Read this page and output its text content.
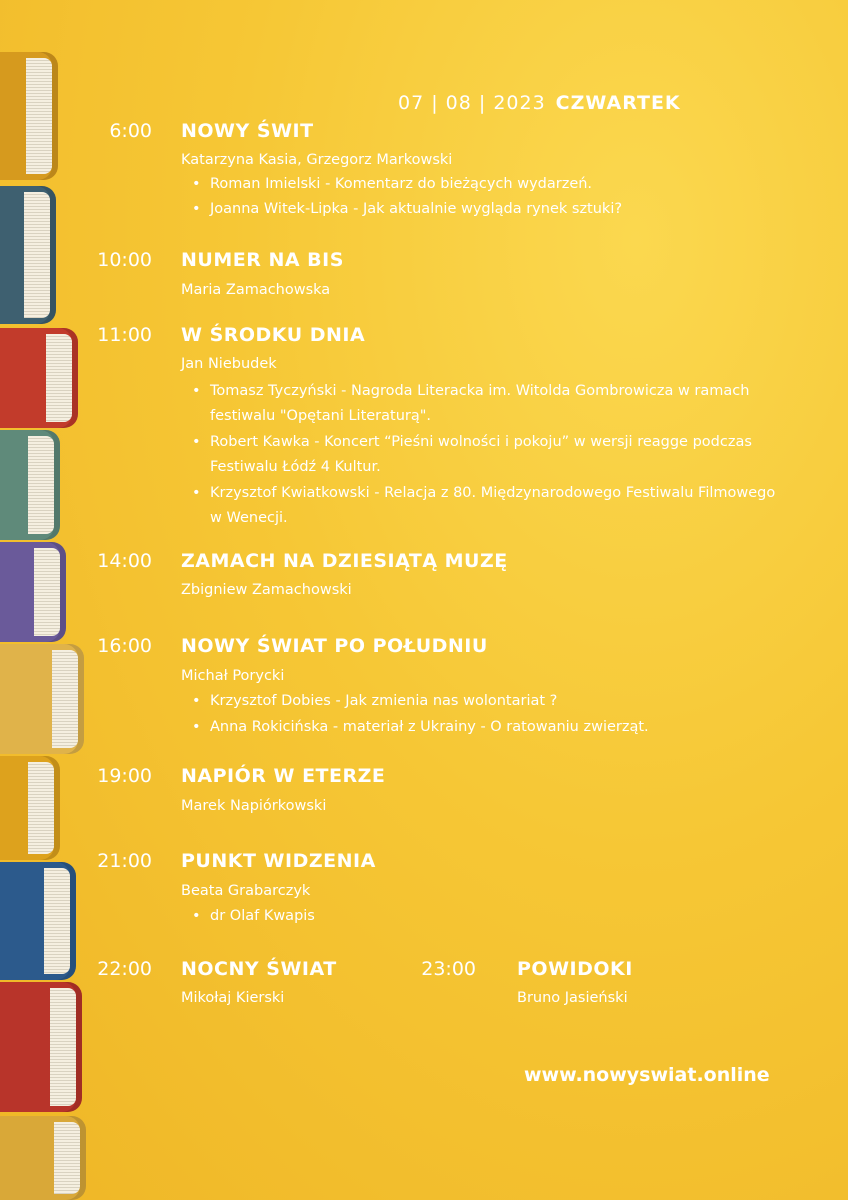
07 | 08 | 2023 CZWARTEK
6:00 NOWY ŚWIT
Katarzyna Kasia, Grzegorz Markowski
• Roman Imielski - Komentarz do bieżących wydarzeń.
• Joanna Witek-Lipka - Jak aktualnie wygląda rynek sztuki?
10:00 NUMER NA BIS
Maria Zamachowska
11:00 W ŚRODKU DNIA
Jan Niebudek
• Tomasz Tyczyński - Nagroda Literacka im. Witolda Gombrowicza w ramach festiwalu "Opętani Literaturą".
• Robert Kawka - Koncert “Pieśni wolności i pokoju” w wersji reagge podczas Festiwalu Łódź 4 Kultur.
• Krzysztof Kwiatkowski - Relacja z 80. Międzynarodowego Festiwalu Filmowego w Wenecji.
14:00 ZAMACH NA DZIESIĄTĄ MUZĘ
Zbigniew Zamachowski
16:00 NOWY ŚWIAT PO POŁUDNIU
Michał Porycki
• Krzysztof Dobies - Jak zmienia nas wolontariat ?
• Anna Rokicińska - materiał z Ukrainy - O ratowaniu zwierząt.
19:00 NAPIÓR W ETERZE
Marek Napiórkowski
21:00 PUNKT WIDZENIA
Beata Grabarczyk
• dr Olaf Kwapis
22:00 NOCNY ŚWIAT
Mikołaj Kierski
23:00 POWIDOKI
Bruno Jasieński
www.nowyswiat.online
